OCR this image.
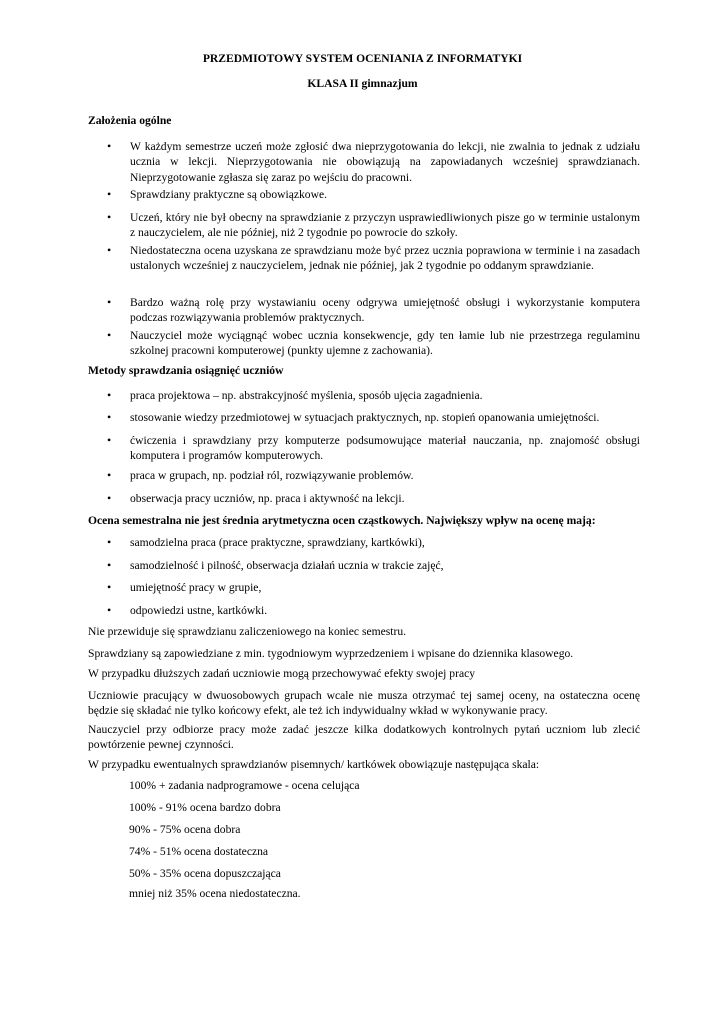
PRZEDMIOTOWY SYSTEM OCENIANIA Z INFORMATYKI
KLASA II gimnazjum
Założenia ogólne
• W każdym semestrze uczeń może zgłosić dwa nieprzygotowania do lekcji, nie zwalnia to jednak z udziału ucznia w lekcji. Nieprzygotowania nie obowiązują na zapowiadanych wcześniej sprawdzianach. Nieprzygotowanie zgłasza się zaraz po wejściu do pracowni.
• Sprawdziany praktyczne są obowiązkowe.
• Uczeń, który nie był obecny na sprawdzianie z przyczyn usprawiedliwionych pisze go w terminie ustalonym z nauczycielem, ale nie później, niż 2 tygodnie po powrocie do szkoły.
• Niedostateczna ocena uzyskana ze sprawdzianu może być przez ucznia poprawiona w terminie i na zasadach ustalonych wcześniej z nauczycielem, jednak nie później, jak 2 tygodnie po oddanym sprawdzianie.
• Bardzo ważną rolę przy wystawianiu oceny odgrywa umiejętność obsługi i wykorzystanie komputera podczas rozwiązywania problemów praktycznych.
• Nauczyciel może wyciągnąć wobec ucznia konsekwencje, gdy ten łamie lub nie przestrzega regulaminu szkolnej pracowni komputerowej (punkty ujemne z zachowania).
Metody sprawdzania osiągnięć uczniów
• praca projektowa – np. abstrakcyjność myślenia, sposób ujęcia zagadnienia.
• stosowanie wiedzy przedmiotowej w sytuacjach praktycznych, np. stopień opanowania umiejętności.
• ćwiczenia i sprawdziany przy komputerze podsumowujące materiał nauczania, np. znajomość obsługi komputera i programów komputerowych.
• praca w grupach, np. podział ról, rozwiązywanie problemów.
• obserwacja pracy uczniów, np. praca i aktywność na lekcji.
Ocena semestralna nie jest średnia arytmetyczna ocen cząstkowych. Największy wpływ na ocenę mają:
• samodzielna praca (prace praktyczne, sprawdziany, kartkówki),
• samodzielność i pilność, obserwacja działań ucznia w trakcie zajęć,
• umiejętność pracy w grupie,
• odpowiedzi ustne, kartkówki.
Nie przewiduje się sprawdzianu zaliczeniowego na koniec semestru.
Sprawdziany są zapowiedziane z min. tygodniowym wyprzedzeniem i wpisane do dziennika klasowego.
W przypadku dłuższych zadań uczniowie mogą przechowywać efekty swojej pracy
Uczniowie pracujący w dwuosobowych grupach wcale nie musza otrzymać tej samej oceny, na ostateczna ocenę będzie się składać nie tylko końcowy efekt, ale też ich indywidualny wkład w wykonywanie pracy.
Nauczyciel przy odbiorze pracy może zadać jeszcze kilka dodatkowych kontrolnych pytań uczniom lub zlecić powtórzenie pewnej czynności.
W przypadku ewentualnych sprawdzianów pisemnych/ kartkówek obowiązuje następująca skala:
100% + zadania nadprogramowe - ocena celująca
100% - 91% ocena bardzo dobra
90% - 75% ocena dobra
74% - 51% ocena dostateczna
50% - 35% ocena dopuszczająca
mniej niż 35% ocena niedostateczna.
